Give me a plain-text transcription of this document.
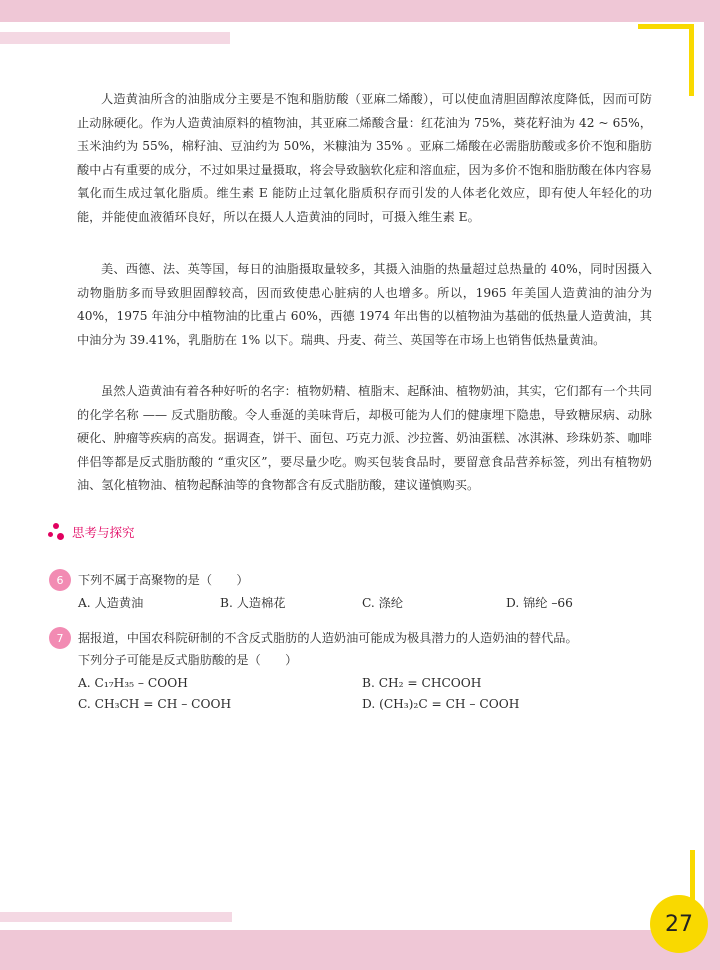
人造黄油所含的油脂成分主要是不饱和脂肪酸（亚麻二烯酸），可以使血清胆固醇浓度降低，因而可防止动脉硬化。作为人造黄油原料的植物油，其亚麻二烯酸含量：红花油为 75%，葵花籽油为 42 ~ 65%，玉米油约为 55%，棉籽油、豆油约为 50%，米糠油为 35% 。亚麻二烯酸在必需脂肪酸或多价不饱和脂肪酸中占有重要的成分，不过如果过量摄取，将会导致脑软化症和溶血症，因为多价不饱和脂肪酸在体内容易氧化而生成过氧化脂质。维生素 E 能防止过氧化脂质积存而引发的人体老化效应，即有使人年轻化的功能，并能使血液循环良好，所以在摄人人造黄油的同时，可摄入维生素 E。

美、西德、法、英等国，每日的油脂摄取量较多，其摄入油脂的热量超过总热量的 40%，同时因摄入动物脂肪多而导致胆固醇较高，因而致使患心脏病的人也增多。所以，1965 年美国人造黄油的油分为 40%，1975 年油分中植物油的比重占 60%，西德 1974 年出售的以植物油为基础的低热量人造黄油，其中油分为 39.41%，乳脂肪在 1% 以下。瑞典、丹麦、荷兰、英国等在市场上也销售低热量黄油。

虽然人造黄油有着各种好听的名字：植物奶精、植脂末、起酥油、植物奶油，其实，它们都有一个共同的化学名称 —— 反式脂肪酸。令人垂涎的美味背后，却极可能为人们的健康埋下隐患，导致糖尿病、动脉硬化、肿瘤等疾病的高发。据调查，饼干、面包、巧克力派、沙拉酱、奶油蛋糕、冰淇淋、珍珠奶茶、咖啡伴侣等都是反式脂肪酸的 “重灾区”，要尽量少吃。购买包装食品时，要留意食品营养标签，列出有植物奶油、氢化植物油、植物起酥油等的食物都含有反式脂肪酸，建议谨慎购买。

思考与探究
6	下列不属于高聚物的是（　　）
A. 人造黄油	B. 人造棉花	C. 涤纶	D. 锦纶 –66
7	据报道，中国农科院研制的不含反式脂肪的人造奶油可能成为极具潜力的人造奶油的替代品。
下列分子可能是反式脂肪酸的是（　　）
A. C₁₇H₃₅ – COOH	B. CH₂ = CHCOOH
C. CH₃CH = CH – COOH	D. (CH₃)₂C = CH – COOH
27
